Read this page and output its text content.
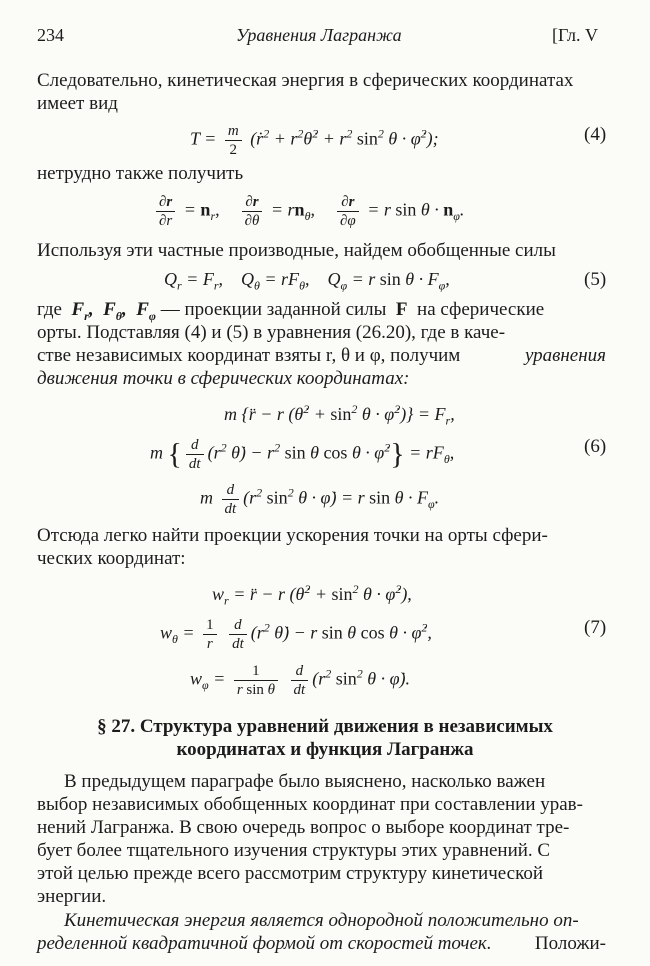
234	Уравнения Лагранжа	[Гл. V
Следовательно, кинетическая энергия в сферических координатах
имеет вид
$T = \frac{m}{2}$ (ṙ$^2$ + $r^2\thetȧ^2 + r^2$ $\sin^2 \theta$ · φ̇$^2$);	(4)
нетрудно также получить
$\frac{\partial r}{\partial r} = n_r$, $\frac{\partial r}{\partial\theta} = rn_\theta$, $\frac{\partial r}{\partial\varphi} = r$ $\sin \theta \cdot n_\varphi$.
Используя эти частные производные, найдем обобщенные силы
$Q_r = F_r$,    $Q_\theta = rF_\theta$,    $Q_\varphi = r$ $\sin \theta \cdot F_\varphi$,	(5)
где  $F_r$,  $F_\theta$,  $F_\varphi$ — проекции заданной силы  F  на сферические
орты. Подставляя (4) и (5) в уравнения (26.20), где в каче-
стве независимых координат взяты r, θ и φ, получим	уравнения
движения точки в сферических координатах:
m {r̈ − r (θ̇$^2$ + $\sin^2 \theta$ · φ̇$^2$)} = $F_r$,
m { $\frac{d}{dt} (r^2$ θ̇) − $r^2$ sin θ cos θ · φ̇$^2$} = $rF_\theta$,	(6)
m $\frac{d}{dt} (r^2$ $\sin^2 \theta$ · φ̇) = r $\sin \theta \cdot F_\varphi$.
Отсюда легко найти проекции ускорения точки на орты сфери-
ческих координат:
$w_r$ = r̈ − r (θ̇$^2$ + $\sin^2 \theta$ · φ̇$^2$),
$w_\theta = \frac{1}{r}$
$\frac{d}{dt} (r^2$ θ̇) − r sin θ cos θ · φ̇$^2$,	(7)
$w_\varphi = \frac{1}{\text{r sin θ}}$
$\frac{d}{dt} (r^2$ $\sin^2 \theta$ · φ̇).
§ 27. Структура уравнений движения в независимых
координатах и функция Лагранжа
В предыдущем параграфе было выяснено, насколько важен
выбор независимых обобщенных координат при составлении урав-
нений Лагранжа. В свою очередь вопрос о выборе координат тре-
бует более тщательного изучения структуры этих уравнений. С
этой целью прежде всего рассмотрим структуру кинетической
энергии.
Кинетическая энергия является однородной положительно оп-
ределенной квадратичной формой от скоростей точек. Положи-
